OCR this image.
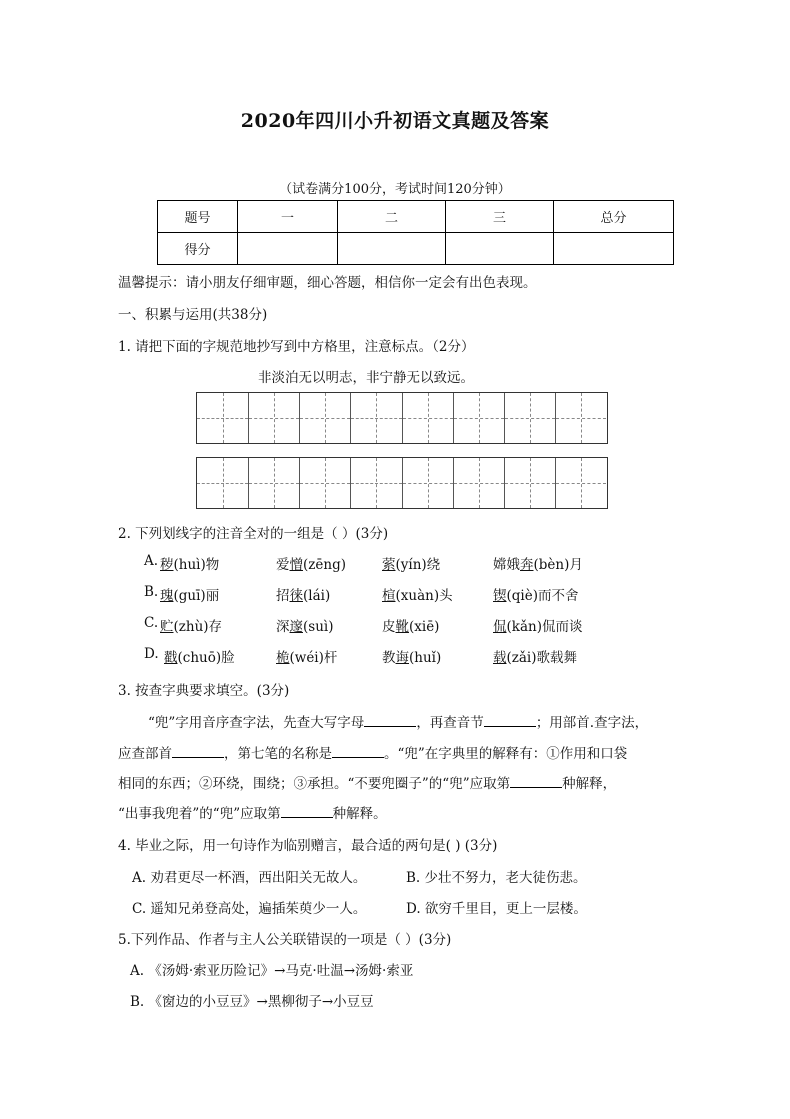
2020年四川小升初语文真题及答案
（试卷满分100分，考试时间120分钟）
题号	一	二	三	总分
得分				
温馨提示：请小朋友仔细审题，细心答题，相信你一定会有出色表现。
一、积累与运用(共38分)
1. 请把下面的字规范地抄写到中方格里，注意标点。（2分）
非淡泊无以明志，非宁静无以致远。
2. 下列划线字的注音全对的一组是（ ）(3分)
A. 秽(huì)物	爱憎(zēng)	萦(yín)绕	嫦娥奔(bèn)月
B. 瑰(guī)丽	招徕(lái)	楦(xuàn)头	锲(qiè)而不舍
C. 贮(zhù)存	深邃(suì)	皮靴(xiē)	侃(kǎn)侃而谈
D. 戳(chuō)脸	桅(wéi)杆	教诲(huǐ)	载(zǎi)歌载舞
3. 按查字典要求填空。(3分)
“兜”字用音序查字法，先查大写字母	，再查音节	；用部首.查字法，
应查部首	，第七笔的名称是	。“兜”在字典里的解释有：①作用和口袋
相同的东西；②环绕，围绕；③承担。“不要兜圈子”的“兜”应取第	种解释，
“出事我兜着”的“兜”应取第	种解释。
4. 毕业之际，用一句诗作为临别赠言，最合适的两句是( ) (3分)
A. 劝君更尽一杯酒，西出阳关无故人。	B. 少壮不努力，老大徒伤悲。
C. 遥知兄弟登高处，遍插茱萸少一人。	D. 欲穷千里目，更上一层楼。
5.下列作品、作者与主人公关联错误的一项是（ ）(3分)
A. 《汤姆·索亚历险记》→马克·吐温→汤姆·索亚
B. 《窗边的小豆豆》→黑柳彻子→小豆豆
